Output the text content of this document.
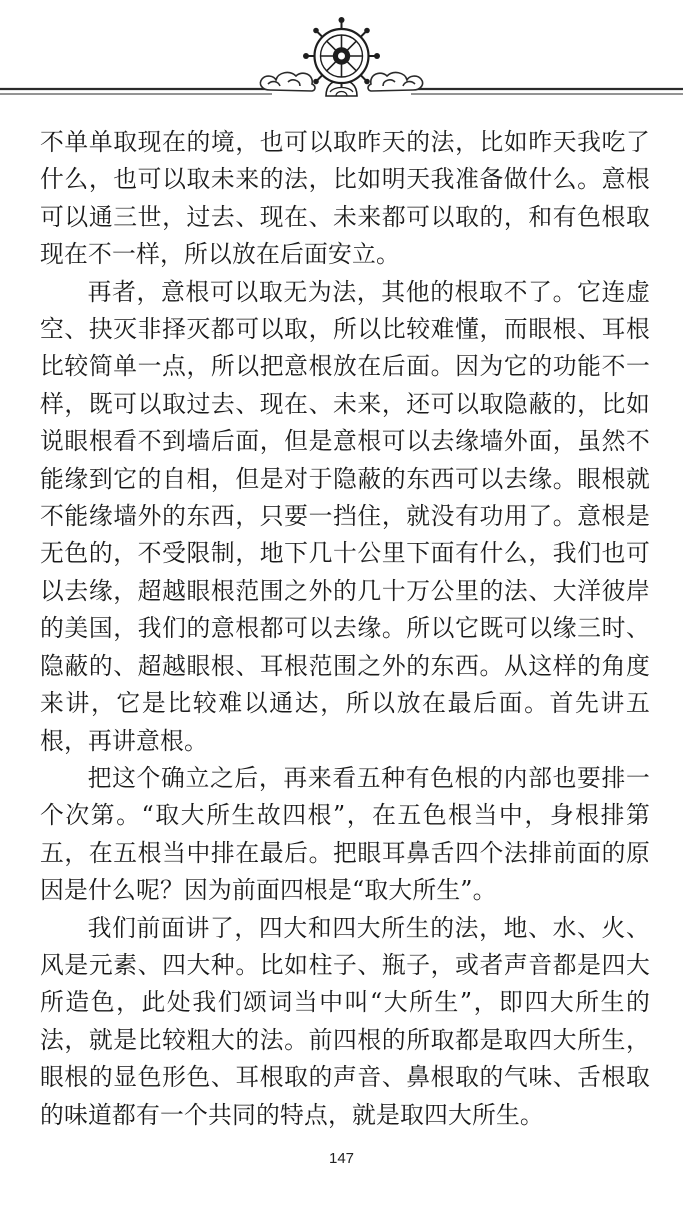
不单单取现在的境，也可以取昨天的法，比如昨天我吃了什么，也可以取未来的法，比如明天我准备做什么。意根可以通三世，过去、现在、未来都可以取的，和有色根取现在不一样，所以放在后面安立。

再者，意根可以取无为法，其他的根取不了。它连虚空、抉灭非择灭都可以取，所以比较难懂，而眼根、耳根比较简单一点，所以把意根放在后面。因为它的功能不一样，既可以取过去、现在、未来，还可以取隐蔽的，比如说眼根看不到墙后面，但是意根可以去缘墙外面，虽然不能缘到它的自相，但是对于隐蔽的东西可以去缘。眼根就不能缘墙外的东西，只要一挡住，就没有功用了。意根是无色的，不受限制，地下几十公里下面有什么，我们也可以去缘，超越眼根范围之外的几十万公里的法、大洋彼岸的美国，我们的意根都可以去缘。所以它既可以缘三时、隐蔽的、超越眼根、耳根范围之外的东西。从这样的角度来讲，它是比较难以通达，所以放在最后面。首先讲五根，再讲意根。

把这个确立之后，再来看五种有色根的内部也要排一个次第。“取大所生故四根”，在五色根当中，身根排第五，在五根当中排在最后。把眼耳鼻舌四个法排前面的原因是什么呢？因为前面四根是“取大所生”。

我们前面讲了，四大和四大所生的法，地、水、火、风是元素、四大种。比如柱子、瓶子，或者声音都是四大所造色，此处我们颂词当中叫“大所生”，即四大所生的法，就是比较粗大的法。前四根的所取都是取四大所生，眼根的显色形色、耳根取的声音、鼻根取的气味、舌根取的味道都有一个共同的特点，就是取四大所生。

147
